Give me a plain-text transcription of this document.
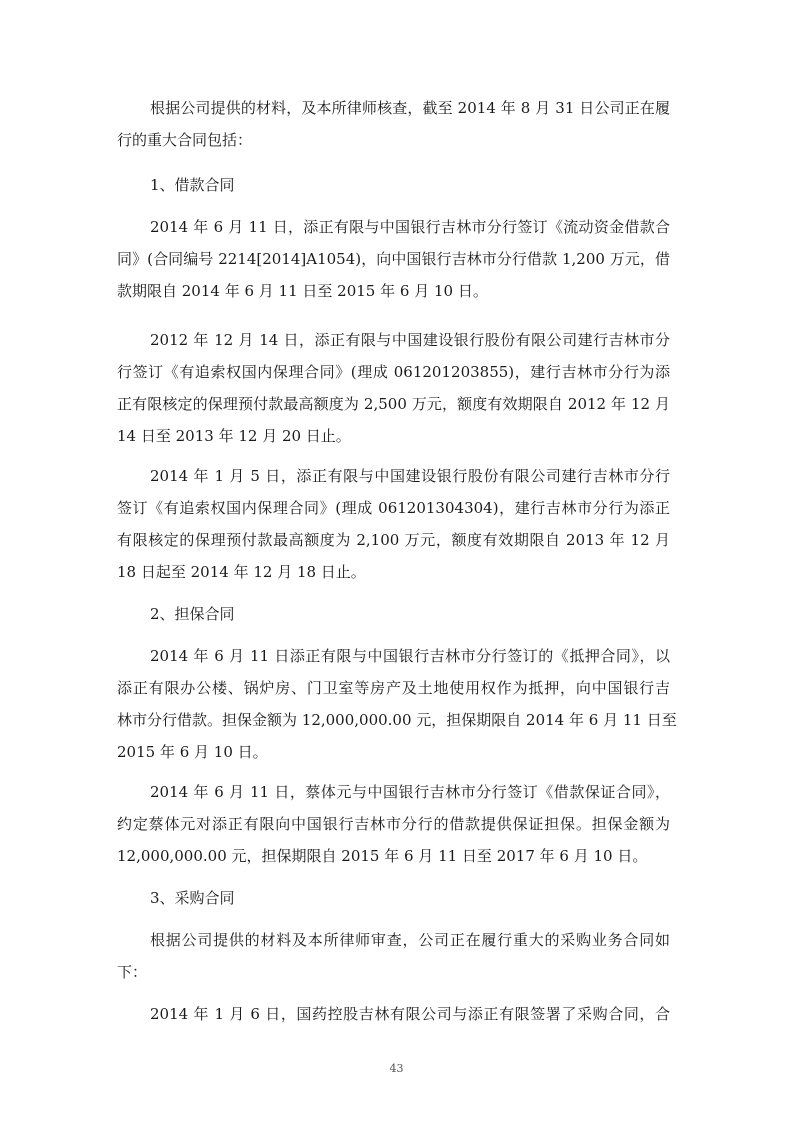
根据公司提供的材料，及本所律师核查，截至 2014 年 8 月 31 日公司正在履
行的重大合同包括：
1、借款合同
2014 年 6 月 11 日，添正有限与中国银行吉林市分行签订《流动资金借款合
同》(合同编号 2214[2014]A1054)，向中国银行吉林市分行借款 1,200 万元，借
款期限自 2014 年 6 月 11 日至 2015 年 6 月 10 日。
2012 年 12 月 14 日，添正有限与中国建设银行股份有限公司建行吉林市分
行签订《有追索权国内保理合同》(理成 061201203855)，建行吉林市分行为添
正有限核定的保理预付款最高额度为 2,500 万元，额度有效期限自 2012 年 12 月
14 日至 2013 年 12 月 20 日止。
2014 年 1 月 5 日，添正有限与中国建设银行股份有限公司建行吉林市分行
签订《有追索权国内保理合同》(理成 061201304304)，建行吉林市分行为添正
有限核定的保理预付款最高额度为 2,100 万元，额度有效期限自 2013 年 12 月
18 日起至 2014 年 12 月 18 日止。
2、担保合同
2014 年 6 月 11 日添正有限与中国银行吉林市分行签订的《抵押合同》，以
添正有限办公楼、锅炉房、门卫室等房产及土地使用权作为抵押，向中国银行吉
林市分行借款。担保金额为 12,000,000.00 元，担保期限自 2014 年 6 月 11 日至
2015 年 6 月 10 日。
2014 年 6 月 11 日，蔡体元与中国银行吉林市分行签订《借款保证合同》，
约定蔡体元对添正有限向中国银行吉林市分行的借款提供保证担保。担保金额为
12,000,000.00 元，担保期限自 2015 年 6 月 11 日至 2017 年 6 月 10 日。
3、采购合同
根据公司提供的材料及本所律师审查，公司正在履行重大的采购业务合同如
下：
2014 年 1 月 6 日，国药控股吉林有限公司与添正有限签署了采购合同，合
43
